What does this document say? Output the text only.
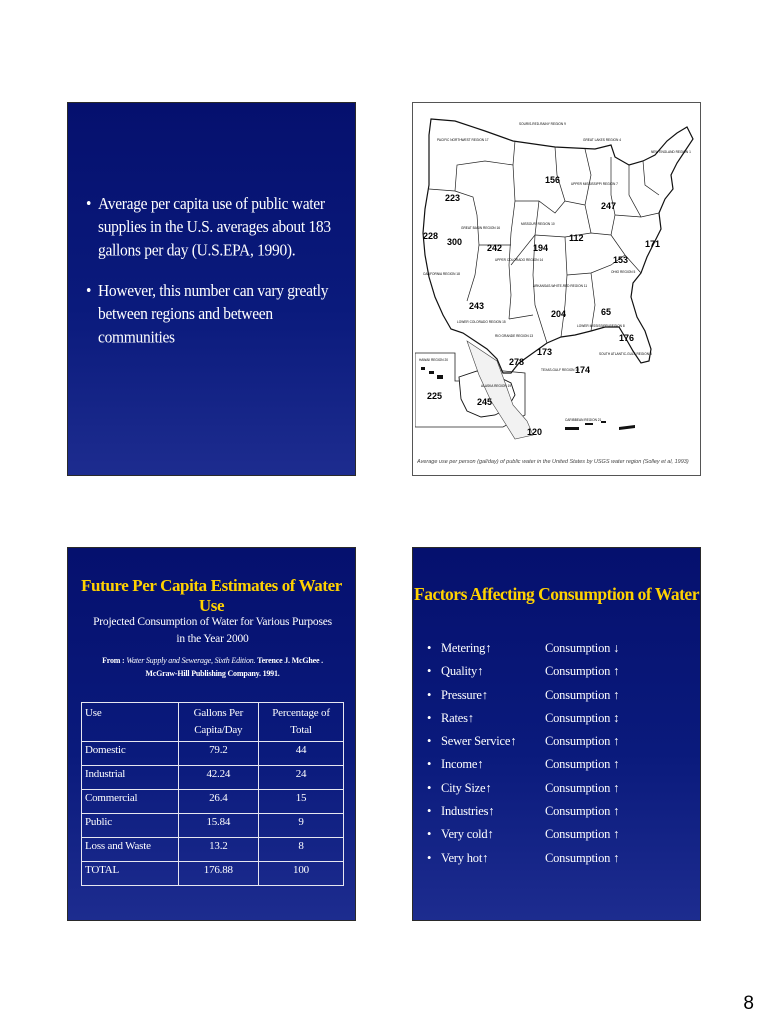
• Average per capita use of public water supplies in the U.S. averages about 183 gallons per day (U.S.EPA, 1990).
• However, this number can vary greatly between regions and between communities
223
228
300
242	194
112
247
156
153
171
243
204	65
176
278
173
174
225
245
120
PACIFIC NORTHWEST REGION 17
SOURIS-RED-RAINY REGION 9
GREAT LAKES REGION 4
NEW ENGLAND REGION 1
GREAT BASIN REGION 16
MISSOURI REGION 10
UPPER MISSISSIPPI REGION 7
UPPER COLORADO REGION 14
OHIO REGION 5
CALIFORNIA REGION 18
ARKANSAS-WHITE-RED REGION 11
LOWER COLORADO REGION 15
LOWER MISSISSIPPI REGION 8
RIO GRANDE REGION 13
TEXAS-GULF REGION 12
SOUTH ATLANTIC-GULF REGION 3
HAWAII REGION 20
ALASKA REGION 19
CARIBBEAN REGION 21
Average use per person (gal/day) of public water in the United States by USGS water region (Solley et al, 1993)
Future Per Capita Estimates of Water Use
Projected Consumption of Water for Various Purposes in the Year 2000
From : Water Supply and Sewerage, Sixth Edition. Terence J. McGhee . McGraw-Hill Publishing Company. 1991.
Use	Gallons Per Capita/Day	Percentage of Total
Domestic	79.2	44
Industrial	42.24	24
Commercial	26.4	15
Public	15.84	9
Loss and Waste	13.2	8
TOTAL	176.88	100
Factors Affecting Consumption of Water
• Metering↑	Consumption ↓
• Quality↑	Consumption ↑
• Pressure↑	Consumption ↑
• Rates↑	Consumption ↕
• Sewer Service↑ Consumption ↑
• Income↑	Consumption ↑
• City Size↑	Consumption ↑
• Industries↑	Consumption ↑
• Very cold↑	Consumption ↑
• Very hot↑	Consumption ↑
8
